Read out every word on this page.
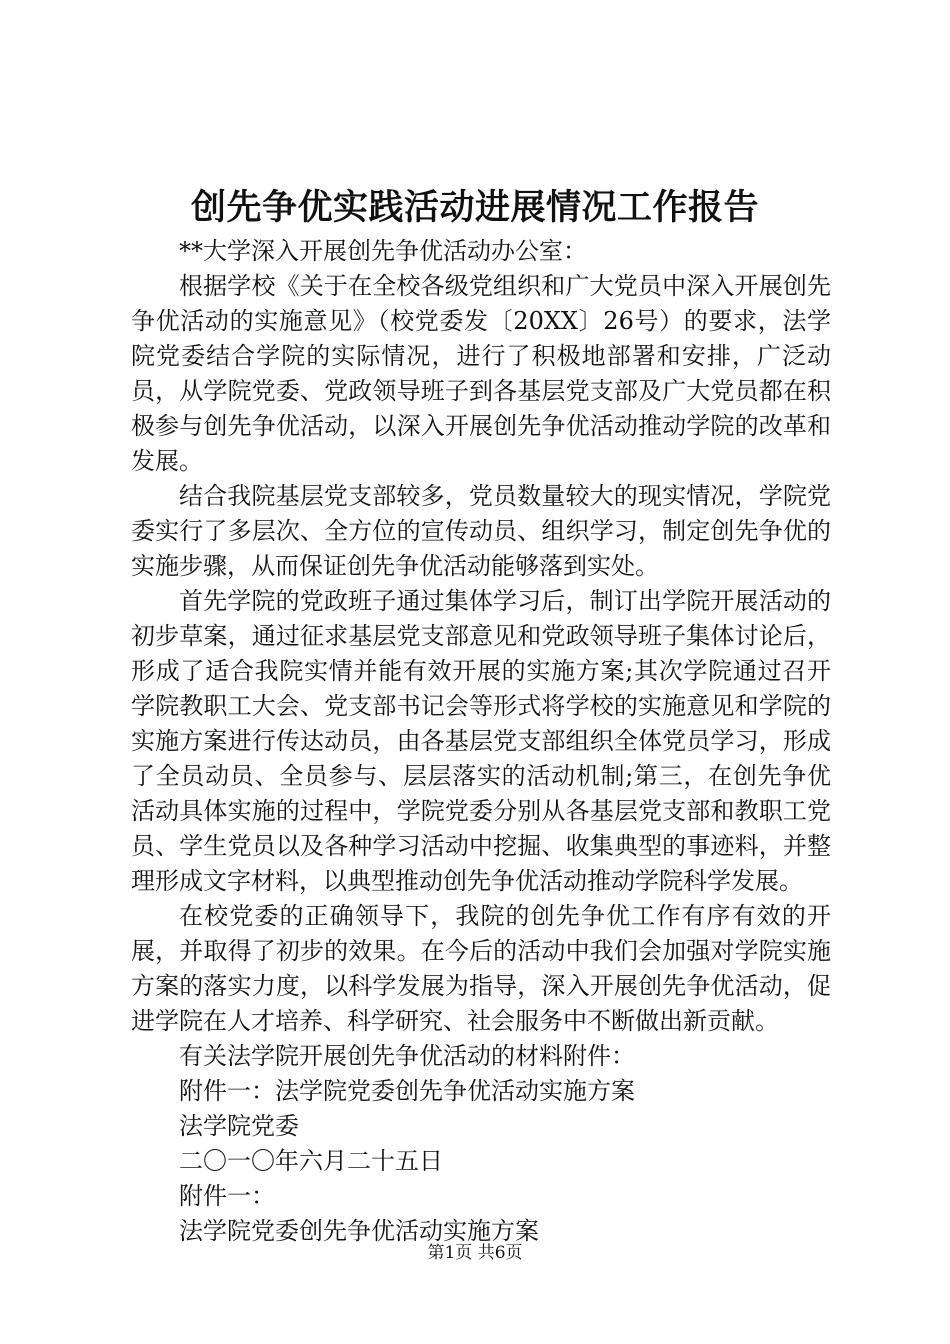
创先争优实践活动进展情况工作报告
**大学深入开展创先争优活动办公室：

根据学校《关于在全校各级党组织和广大党员中深入开展创先争优活动的实施意见》（校党委发〔20XX〕26号）的要求，法学院党委结合学院的实际情况，进行了积极地部署和安排，广泛动员，从学院党委、党政领导班子到各基层党支部及广大党员都在积极参与创先争优活动，以深入开展创先争优活动推动学院的改革和发展。

结合我院基层党支部较多，党员数量较大的现实情况，学院党委实行了多层次、全方位的宣传动员、组织学习，制定创先争优的实施步骤，从而保证创先争优活动能够落到实处。

首先学院的党政班子通过集体学习后，制订出学院开展活动的初步草案，通过征求基层党支部意见和党政领导班子集体讨论后，形成了适合我院实情并能有效开展的实施方案;其次学院通过召开学院教职工大会、党支部书记会等形式将学校的实施意见和学院的实施方案进行传达动员，由各基层党支部组织全体党员学习，形成了全员动员、全员参与、层层落实的活动机制;第三，在创先争优活动具体实施的过程中，学院党委分别从各基层党支部和教职工党员、学生党员以及各种学习活动中挖掘、收集典型的事迹料，并整理形成文字材料，以典型推动创先争优活动推动学院科学发展。

在校党委的正确领导下，我院的创先争优工作有序有效的开展，并取得了初步的效果。在今后的活动中我们会加强对学院实施方案的落实力度，以科学发展为指导，深入开展创先争优活动，促进学院在人才培养、科学研究、社会服务中不断做出新贡献。

有关法学院开展创先争优活动的材料附件：
附件一：法学院党委创先争优活动实施方案
法学院党委
二〇一〇年六月二十五日
附件一：
法学院党委创先争优活动实施方案
第1页 共6页
